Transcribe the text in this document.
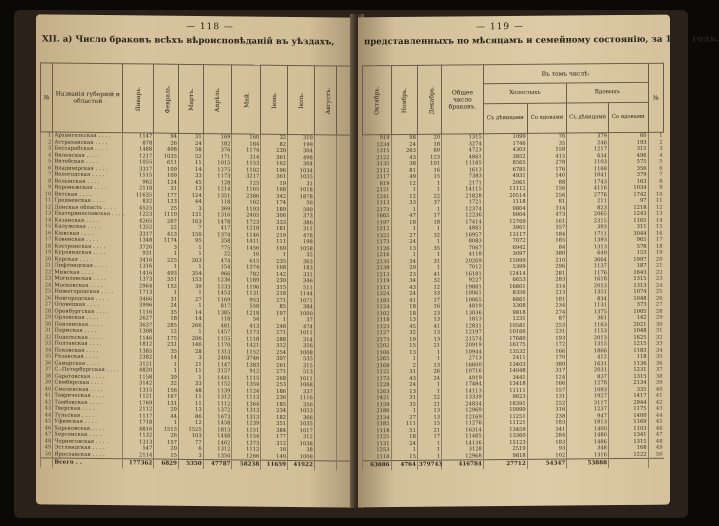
— 118 —
XII. а) Число браковъ всѣхъ вѣроисповѣданій въ уѣздахъ,
№	Названія губерній и областей	Январь.	Февраль.	Мартъ.	Апрѣль.	Май.	Іюнь.	Іюль.	Августъ.	
1	Архангельская . . . .	1147	94	31	169	160	32	310		
2	Астраханская . . . .	878	26	24	182	184	82	199		
3	Бессарабская . . . .	1488	408	58	376	1174	230	304		
4	Виленская . . . .	1217	1035	52	171	314	361	498		
5	Витебская . . . .	1055	611	11	1015	1153	162	364		
6	Владимірская . . . .	3317	109	14	1275	1102	196	1034		
7	Вологодская . . . .	1515	109	33	1173	3217	361	1035		
8	Волынская . . . .	962	124	45	128	125	19	31		
9	Воронежская . . . .	2118	31	13	1214	1165	168	1018		
10	Вятская . . . .	11635	177	124	1351	2386	342	1878		
11	Гродненская . . . .	832	123	44	118	162	174	56		
12	Донская область . . . .	4525	25	3	369	1193	189	500		
13	Екатеринославская . . . .	1223	1110	131	1316	2405	306	373		
14	Казанская . . . .	4265	267	163	1478	1723	333	386		
15	Калужская . . . .	1352	22	7	417	1218	181	311		
16	Кіевская . . . .	3317	413	150	1374	1146	219	478		
17	Ковенская . . . .	1348	1174	95	358	1411	111	198		
18	Костромская . . . .	3726	3	1	775	1456	169	1058		
19	Курляндская . . . .	931	1	1	22	16	1	32		
20	Курская . . . .	3416	225	203	474	615	235	363		
21	Лифляндская . . . .	1316	1	1	154	1374	168	183		
22	Минская . . . .	1416	493	354	966	782	142	331		
23	Могилевская . . . .	1373	351	153	1236	1189	230	346		
24	Московская . . . .	2964	152	39	1233	1196	315	511		
25	Нижегородская . . . .	1713	1	1	1453	1131	218	1144		
26	Новгородская . . . .	3466	31	27	1169	953	271	1071		
27	Олонецкая . . . .	3996	24	1	817	558	85	384		
28	Оренбургская . . . .	1116	35	14	1385	1218	197	1000		
29	Орловская . . . .	2627	18	14	118	54	1	37		
30	Пензенская . . . .	3637	285	266	481	413	248	474		
31	Пермская . . . .	1308	12	1	1457	1173	271	1011		
32	Подольская . . . .	1146	175	206	1155	1118	288	314		
33	Полтавская . . . .	1812	231	146	1170	1421	312	356		
34	Псковская . . . .	1385	35	28	1313	1152	254	1008		
35	Рязанская . . . .	2382	14	3	2404	3746	307	535		
36	Самарская . . . .	3121	1	21	1147	1383	261	315		
37	С.-Петербургская . . . .	4820	1	11	3157	912	271	513		
38	Саратовская . . . .	1158	39	1	1441	1115	268	1011		
39	Симбирская . . . .	3142	32	33	1152	1354	253	1068		
40	Смоленская . . . .	1315	156	48	1139	1124	186	337		
41	Таврическая . . . .	1121	167	11	1312	1113	236	1116		
42	Тамбовская . . . .	1769	131	11	1112	1364	185	356		
43	Тверская . . . .	2112	29	13	1372	1313	234	1053		
44	Тульская . . . .	1117	44	86	1673	1313	182	366		
45	Уфимская . . . .	1718	1	12	1458	1239	351	1035		
46	Харьковская . . . .	4816	1513	1525	1813	1151	384	1017		
47	Херсонская . . . .	1132	26	103	1448	1154	177	312		
48	Черниговская . . . .	1313	157	77	1462	1373	312	1038		
49	Эстляндская . . . .	547	20	6	1312	1112	16	38		
50	Ярославская . . . .	2114	15	3	1350	1266	140	1008		
	Всего . .	177362	6829	5350	47787	58238	11659	41922		
— 119 —
представленныхъ по мѣсяцамъ и семейному состоянію, за 1871 годъ.
Октябрь.	Ноябрь.	Декабрь.	Общее число браковъ.	Въ томъ числѣ:				№
				Холостыхъ		Вдовыхъ		
				Съ дѣвицами	Со вдовами	Съ дѣвицами	Со вдовами	
919	98	20	1315	1099	76	379	60	1
1234	24	18	3274	1746	35	246	193	2
1315	263	60	4723	4303	558	1217	315	3
2122	43	123	4861	3852	415	634	496	4
3135	38	101	11185	8565	278	1103	575	5
2112	81	16	1613	6785	176	1168	356	6
2117	49	15	7383	4931	140	1041	379	7
819	12	1	2171	2061	88	1743	163	8
2121	1	1	14115	11112	156	4116	1034	9
1241	12	22	21828	20514	256	2776	1742	10
1113	33	37	1721	1118	81	211	97	11
2173	1	1	12374	9804	314	823	1218	12
1665	47	17	12236	9904	473	2065	1243	13
1197	18	18	17414	12769	161	2315	1165	14
1212	1	1	4861	3961	357	393	311	15
1322	27	32	16957	13117	184	1711	3044	16
1173	24	1	8083	7072	185	1393	965	17
1126	13	35	7067	6942	84	1313	578	18
1216	1	1	4118	3097	380	649	153	19
2135	34	31	20269	15999	210	3664	1997	20
2138	29	1	7012	5399	296	1137	187	21
1213	23	41	16181	12414	281	1176	1643	22
1119	34	32	9227	6653	283	1618	1315	23
1113	43	12	19881	16801	314	2053	1313	24
1324	24	33	10061	8356	213	1351	1074	25
1183	41	17	10065	8861	181	834	1048	26
1124	18	16	4819	3308	234	1131	373	27
1102	18	23	13036	9818	274	1375	1005	28
1118	13	13	1813	1231	87	361	142	29
1123	45	41	12831	10581	253	1163	2021	30
1127	32	13	12197	10166	231	1153	1048	31
2173	19	13	21574	17680	193	2013	1625	32
1202	15	21	20919	16175	172	1315	1215	33
1106	13	1	10944	13532	166	1866	1183	34
1265	1	1	2713	2411	170	412	118	35
2168	2	13	16600	13403	380	1631	1136	36
1122	31	26	10716	14048	317	2031	1231	37
1173	43	24	4919	3441	124	837	1315	38
1228	24	1	17484	13418	166	1278	2134	39
1263	13	1	14113	11111	157	1093	335	40
1421	31	22	13339	9623	131	1927	1417	41
1159	35	21	24834	18391	252	3117	2944	42
2186	1	13	12969	10999	316	1237	1175	43
2134	27	13	12169	11251	238	947	1400	44
1185	111	15	11276	11121	183	1813	1169	45
1118	51	21	16314	13459	341	1400	1103	46
1125	18	17	11485	13360	284	1480	1341	47
1131	24	1	14136	15123	183	1486	1315	48
1253	1	1	3128	2519	93	348	168	49
1118	15	1	12968	9818	102	1316	1222	50
63886	4764	379743	416784	27712	54347	53888		
